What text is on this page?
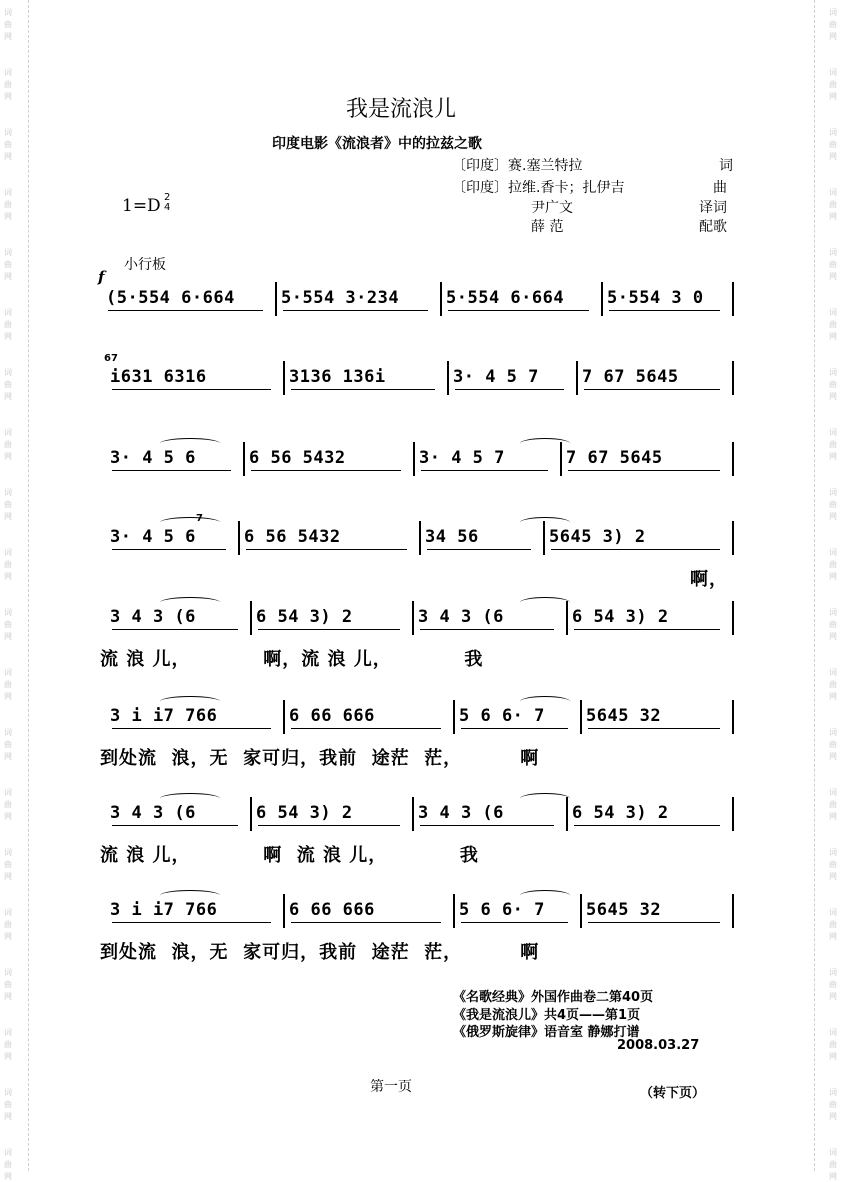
词
曲
网
词
曲
网
词
曲
网
词
曲
网
词
曲
网
词
曲
网
词
曲
网
词
曲
网
词
曲
网
词
曲
网
词
曲
网
词
曲
网
词
曲
网
词
曲
网
词
曲
网
词
曲
网
词
曲
网
词
曲
网
词
曲
网
词
曲
网
词
曲
网
词
曲
网
词
曲
网
词
曲
网
词
曲
网
词
曲
网
词
曲
网
词
曲
网
词
曲
网
词
曲
网
词
曲
网
词
曲
网
词
曲
网
词
曲
网
词
曲
网
词
曲
网
词
曲
网
词
曲
网
词
曲
网
词
曲
网
我是流浪儿
印度电影《流浪者》中的拉兹之歌
〔印度〕赛.塞兰特拉	词
〔印度〕拉维.香卡；扎伊吉	曲
尹广文	译词
薛 范	配歌
1=D 2
4
小行板
f
(5·554 6·664	5·554 3·234	5·554 6·664	5·554 3 0
i631 6316	3136 136i	3· 4 5 7	7 67 5645
67
3· 4 5 6	6 56 5432	3· 4 5 7	7 67 5645
3· 4 5 6	6 56 5432	34 56	5645 3) 2
7
啊，
3 4 3 (6	6 54 3) 2	3 4 3 (6	6 54 3) 2
流 浪 儿，          啊，流 浪 儿，          我
3 i i7 766	6 66 666	5 6 6· 7 5645 32
到处流  浪，无  家可归，我前  途茫  茫，        啊
3 4 3 (6	6 54 3) 2	3 4 3 (6	6 54 3) 2
流 浪 儿，          啊  流 浪 儿，          我
3 i i7 766	6 66 666	5 6 6· 7 5645 32
到处流  浪，无  家可归，我前  途茫  茫，        啊
《名歌经典》外国作曲卷二第40页
《我是流浪儿》共4页——第1页
《俄罗斯旋律》语音室 静娜打谱
2008.03.27
第一页	（转下页）
